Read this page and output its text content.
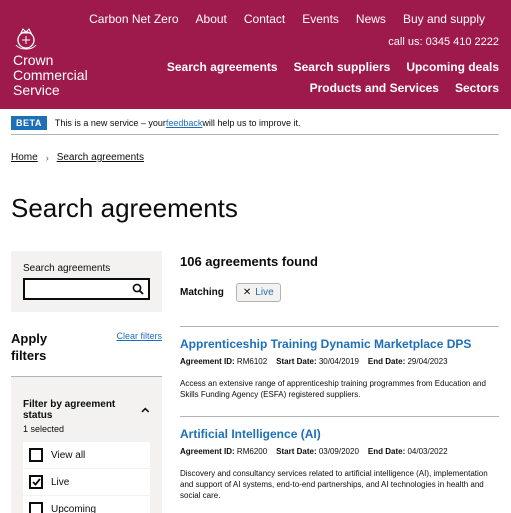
Crown
Commercial
Service
Carbon Net Zero About Contact Events News Buy and supply
call us: 0345 410 2222
Search agreements Search suppliers Upcoming deals
Products and Services Sectors
BETA	This is a new service – your feedback will help us to improve it.
Home › Search agreements
Search agreements
Search agreements
Apply filters
Clear filters
Filter by agreement status
1 selected
View all
Live
Upcoming
106 agreements found
Matching ✕ Live
Apprenticeship Training Dynamic Marketplace DPS
Agreement ID: RM6102 Start Date: 30/04/2019 End Date: 29/04/2023
Access an extensive range of apprenticeship training programmes from Education and Skills Funding Agency (ESFA) registered suppliers.
Artificial Intelligence (AI)
Agreement ID: RM6200 Start Date: 03/09/2020 End Date: 04/03/2022
Discovery and consultancy services related to artificial intelligence (AI), implementation and support of AI systems, end-to-end partnerships, and AI technologies in health and social care.
